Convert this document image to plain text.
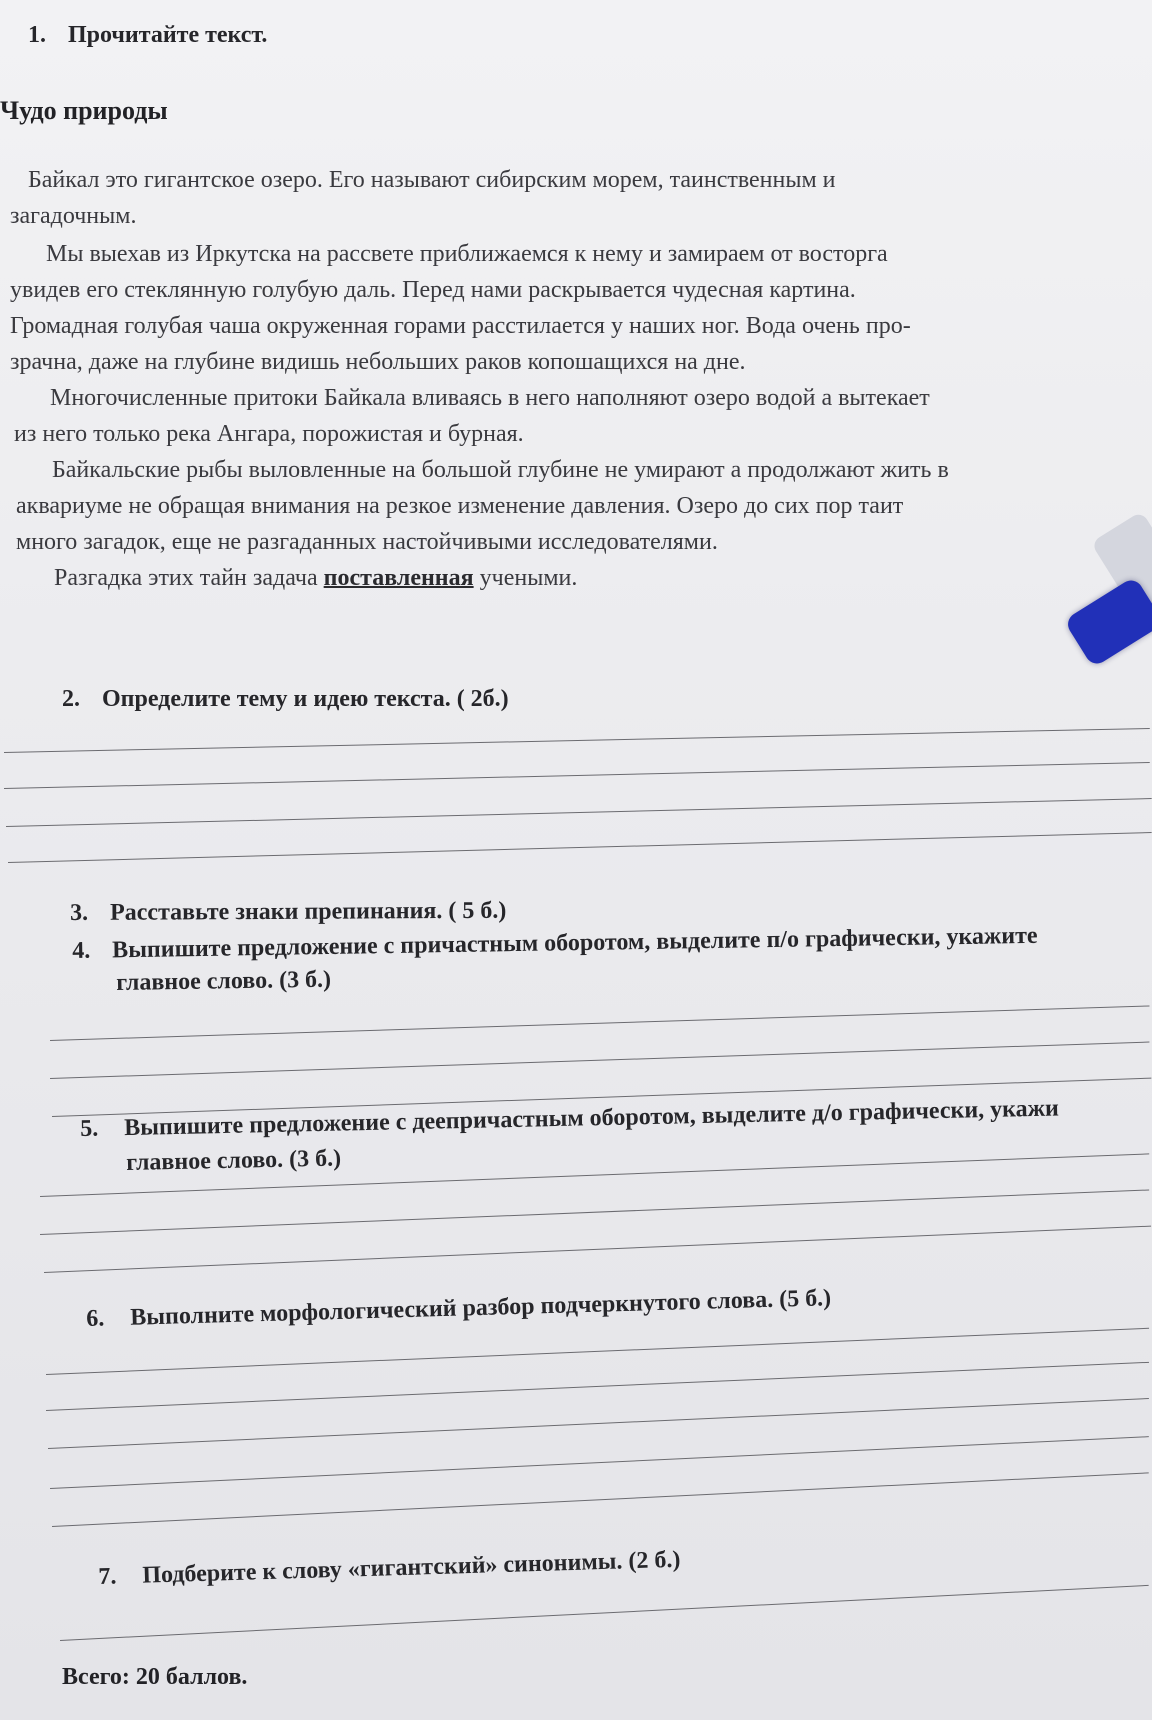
1. Прочитайте текст.
Чудо природы
Байкал это гигантское озеро. Его называют сибирским морем, таинственным и
загадочным.
Мы выехав из Иркутска на рассвете приближаемся к нему и замираем от восторга
увидев его стеклянную голубую даль. Перед нами раскрывается чудесная картина.
Громадная голубая чаша окруженная горами расстилается у наших ног. Вода очень про-
зрачна, даже на глубине видишь небольших раков копошащихся на дне.
Многочисленные притоки Байкала вливаясь в него наполняют озеро водой а вытекает
из него только река Ангара, порожистая и бурная.
Байкальские рыбы выловленные на большой глубине не умирают а продолжают жить в
аквариуме не обращая внимания на резкое изменение давления. Озеро до сих пор таит
много загадок, еще не разгаданных настойчивыми исследователями.
Разгадка этих тайн задача поставленная учеными.
2. Определите тему и идею текста. ( 2б.)
3. Расставьте знаки препинания. ( 5 б.)
4. Выпишите предложение с причастным оборотом, выделите п/о графически, укажите
главное слово. (3 б.)
5. Выпишите предложение с деепричастным оборотом, выделите д/о графически, укажи
главное слово. (3 б.)
6. Выполните морфологический разбор подчеркнутого слова. (5 б.)
7. Подберите к слову «гигантский» синонимы. (2 б.)
Всего: 20 баллов.
